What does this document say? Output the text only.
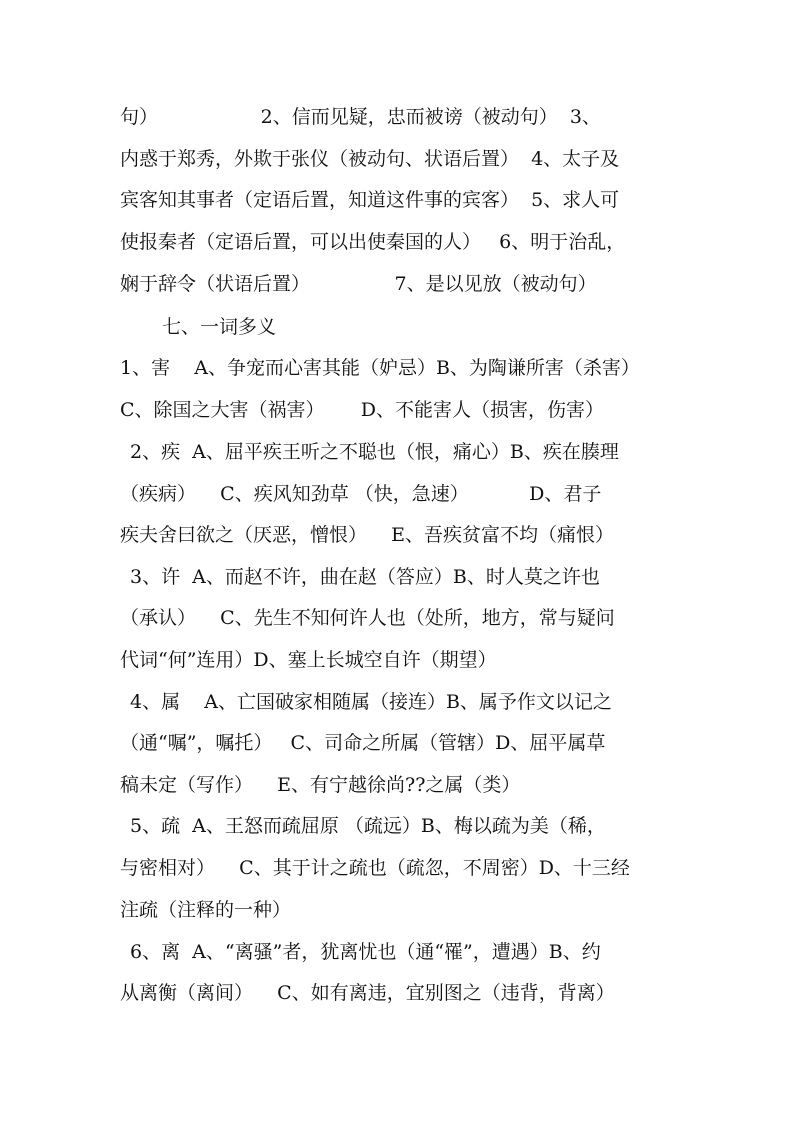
句）                 2、信而见疑，忠而被谤（被动句）  3、
内惑于郑秀，外欺于张仪（被动句、状语后置）  4、太子及
宾客知其事者（定语后置，知道这件事的宾客）  5、求人可
使报秦者（定语后置，可以出使秦国的人）   6、明于治乱，
娴于辞令（状语后置）              7、是以见放（被动句）
七、一词多义
1、害    A、争宠而心害其能（妒忌）B、为陶谦所害（杀害）
C、除国之大害（祸害）      D、不能害人（损害，伤害）
2、疾  A、屈平疾王听之不聪也（恨，痛心）B、疾在腠理
（疾病）    C、疾风知劲草 （快，急速）          D、君子
疾夫舍曰欲之（厌恶，憎恨）    E、吾疾贫富不均（痛恨）
3、许  A、而赵不许，曲在赵（答应）B、时人莫之许也
（承认）    C、先生不知何许人也（处所，地方，常与疑问
代词“何”连用）D、塞上长城空自许（期望）
4、属    A、亡国破家相随属（接连）B、属予作文以记之
（通“嘱”，嘱托）   C、司命之所属（管辖）D、屈平属草
稿未定（写作）    E、有宁越徐尚??之属（类）
5、疏  A、王怒而疏屈原 （疏远）B、梅以疏为美（稀，
与密相对）    C、其于计之疏也（疏忽，不周密）D、十三经
注疏（注释的一种）
6、离  A、“离骚”者，犹离忧也（通“罹”，遭遇）B、约
从离衡（离间）    C、如有离违，宜别图之（违背，背离）
